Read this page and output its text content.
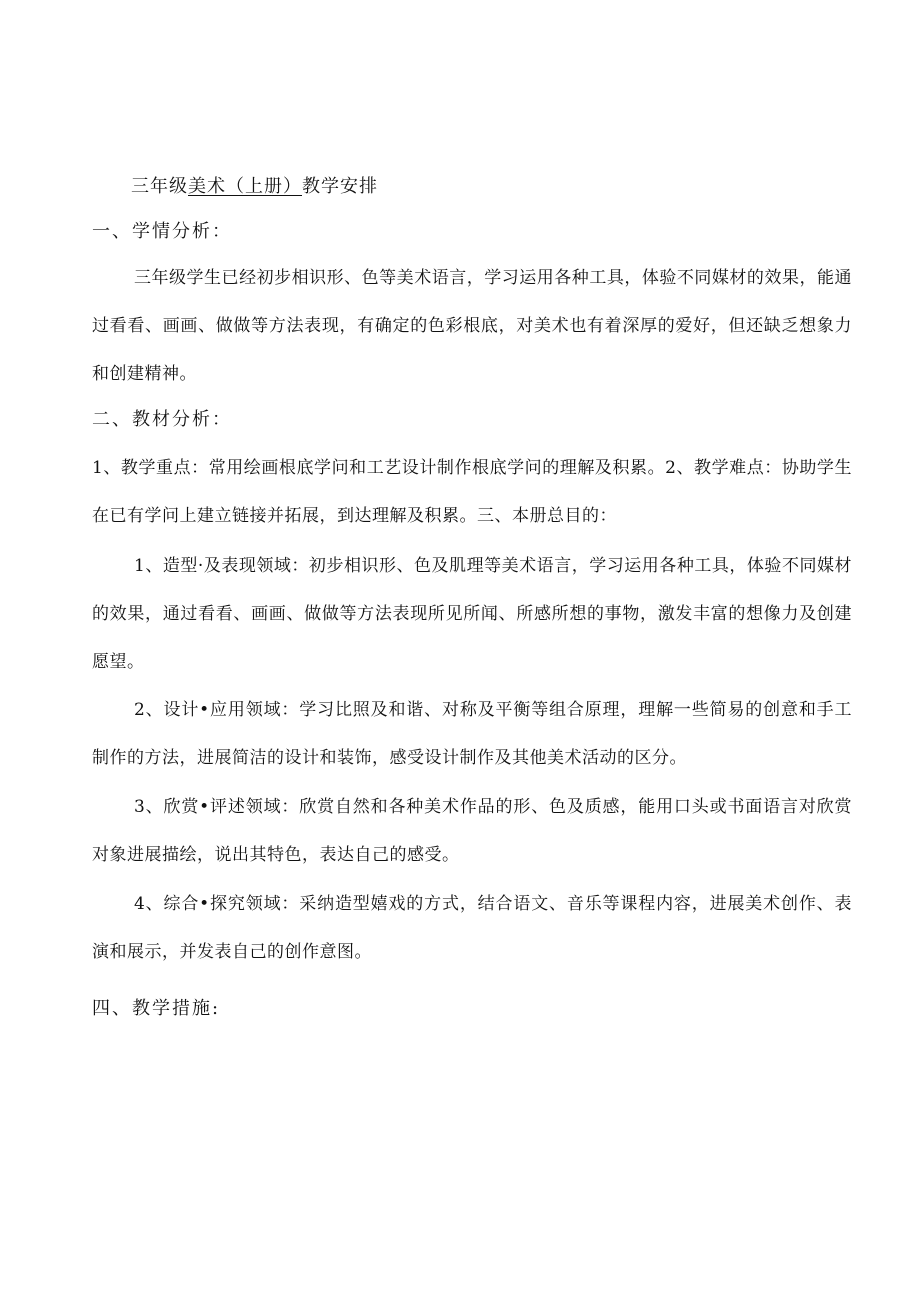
三年级美术（上册）教学安排
一、学情分析：
三年级学生已经初步相识形、色等美术语言，学习运用各种工具，体验不同媒材的效果，能通过看看、画画、做做等方法表现，有确定的色彩根底，对美术也有着深厚的爱好，但还缺乏想象力和创建精神。
二、教材分析：
1、教学重点：常用绘画根底学问和工艺设计制作根底学问的理解及积累。2、教学难点：协助学生在已有学问上建立链接并拓展，到达理解及积累。三、本册总目的：
1、造型·及表现领域：初步相识形、色及肌理等美术语言，学习运用各种工具，体验不同媒材的效果，通过看看、画画、做做等方法表现所见所闻、所感所想的事物，激发丰富的想像力及创建愿望。
2、设计•应用领域：学习比照及和谐、对称及平衡等组合原理，理解一些简易的创意和手工制作的方法，进展简洁的设计和装饰，感受设计制作及其他美术活动的区分。
3、欣赏•评述领域：欣赏自然和各种美术作品的形、色及质感，能用口头或书面语言对欣赏对象进展描绘，说出其特色，表达自己的感受。
4、综合•探究领域：采纳造型嬉戏的方式，结合语文、音乐等课程内容，进展美术创作、表演和展示，并发表自己的创作意图。
四、教学措施:
